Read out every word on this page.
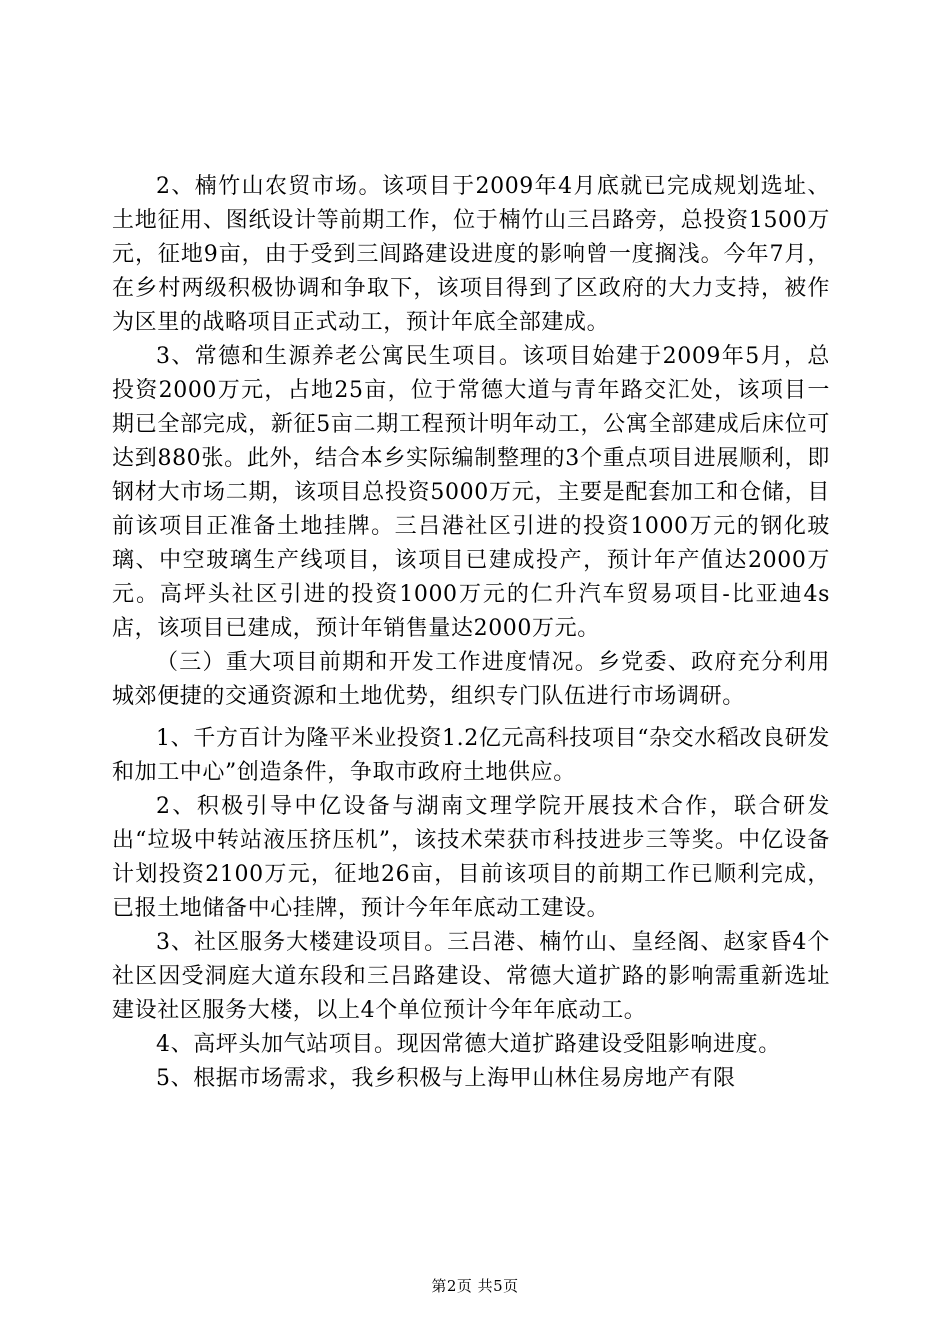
2、楠竹山农贸市场。该项目于2009年4月底就已完成规划选址、土地征用、图纸设计等前期工作，位于楠竹山三吕路旁，总投资1500万元，征地9亩，由于受到三闾路建设进度的影响曾一度搁浅。今年7月，在乡村两级积极协调和争取下，该项目得到了区政府的大力支持，被作为区里的战略项目正式动工，预计年底全部建成。

3、常德和生源养老公寓民生项目。该项目始建于2009年5月，总投资2000万元，占地25亩，位于常德大道与青年路交汇处，该项目一期已全部完成，新征5亩二期工程预计明年动工，公寓全部建成后床位可达到880张。此外，结合本乡实际编制整理的3个重点项目进展顺利，即钢材大市场二期，该项目总投资5000万元，主要是配套加工和仓储，目前该项目正准备土地挂牌。三吕港社区引进的投资1000万元的钢化玻璃、中空玻璃生产线项目，该项目已建成投产，预计年产值达2000万元。高坪头社区引进的投资1000万元的仁升汽车贸易项目-比亚迪4s店，该项目已建成，预计年销售量达2000万元。

（三）重大项目前期和开发工作进度情况。乡党委、政府充分利用城郊便捷的交通资源和土地优势，组织专门队伍进行市场调研。

1、千方百计为隆平米业投资1.2亿元高科技项目“杂交水稻改良研发和加工中心”创造条件，争取市政府土地供应。

2、积极引导中亿设备与湖南文理学院开展技术合作，联合研发出“垃圾中转站液压挤压机”，该技术荣获市科技进步三等奖。中亿设备计划投资2100万元，征地26亩，目前该项目的前期工作已顺利完成，已报土地储备中心挂牌，预计今年年底动工建设。

3、社区服务大楼建设项目。三吕港、楠竹山、皇经阁、赵家昏4个社区因受洞庭大道东段和三吕路建设、常德大道扩路的影响需重新选址建设社区服务大楼，以上4个单位预计今年年底动工。

4、高坪头加气站项目。现因常德大道扩路建设受阻影响进度。

5、根据市场需求，我乡积极与上海甲山林住易房地产有限

第2页 共5页
